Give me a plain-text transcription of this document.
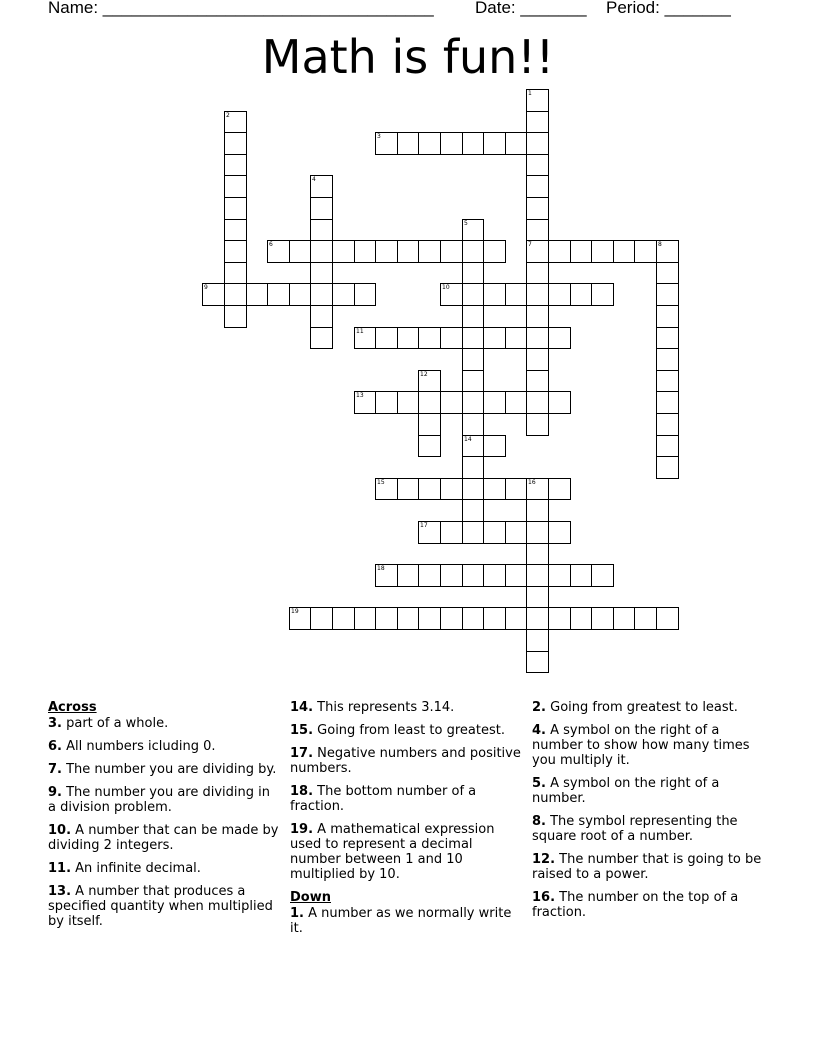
Name: ___________________________________ Date: _______ Period: _______
Math is fun!!
3
6	7	8
9	10
11
13
14
15	16
17
18
19
1
2
4
5
12
Across
3. part of a whole.
6. All numbers icluding 0.
7. The number you are dividing by.
9. The number you are dividing in a division problem.
10. A number that can be made by dividing 2 integers.
11. An infinite decimal.
13. A number that produces a specified quantity when multiplied by itself.
14. This represents 3.14.
15. Going from least to greatest.
17. Negative numbers and positive numbers.
18. The bottom number of a fraction.
19. A mathematical expression used to represent a decimal number between 1 and 10 multiplied by 10.
Down
1. A number as we normally write it.
2. Going from greatest to least.
4. A symbol on the right of a number to show how many times you multiply it.
5. A symbol on the right of a number.
8. The symbol representing the square root of a number.
12. The number that is going to be raised to a power.
16. The number on the top of a fraction.
